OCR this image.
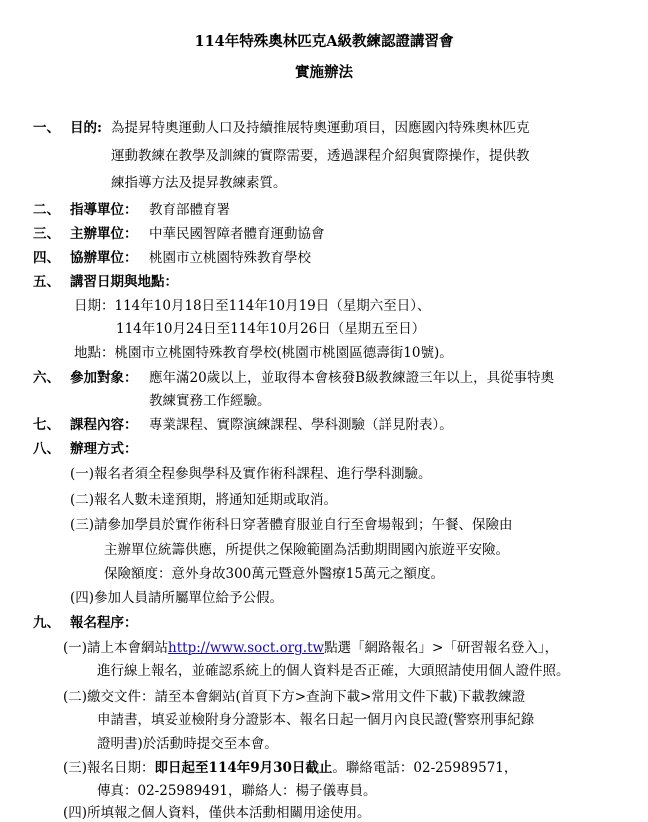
114年特殊奧林匹克A級教練認證講習會
實施辦法
一、 目的: 為提昇特奧運動人口及持續推展特奧運動項目，因應國內特殊奧林匹克
運動教練在教學及訓練的實際需要，透過課程介紹與實際操作，提供教
練指導方法及提昇教練素質。
二、 指導單位： 教育部體育署
三、 主辦單位： 中華民國智障者體育運動協會
四、 協辦單位： 桃園市立桃園特殊教育學校
五、 講習日期與地點：
日期：114年10月18日至114年10月19日（星期六至日）、
114年10月24日至114年10月26日（星期五至日）
地點：桃園市立桃園特殊教育學校(桃園市桃園區德壽街10號)。
六、 參加對象： 應年滿20歲以上，並取得本會核發B級教練證三年以上，具從事特奧
教練實務工作經驗。
七、 課程內容： 專業課程、實際演練課程、學科測驗（詳見附表）。
八、 辦理方式：
(一)報名者須全程參與學科及實作術科課程、進行學科測驗。
(二)報名人數未達預期，將通知延期或取消。
(三)請參加學員於實作術科日穿著體育服並自行至會場報到；午餐、保險由
主辦單位統籌供應，所提供之保險範圍為活動期間國內旅遊平安險。
保險額度：意外身故300萬元暨意外醫療15萬元之額度。
(四)參加人員請所屬單位給予公假。
九、 報名程序：
(一)請上本會網站http://www.soct.org.tw點選「網路報名」>「研習報名登入」，
進行線上報名，並確認系統上的個人資料是否正確，大頭照請使用個人證件照。
(二)繳交文件：請至本會網站(首頁下方>查詢下載>常用文件下載)下載教練證
申請書，填妥並檢附身分證影本、報名日起一個月內良民證(警察刑事紀錄
證明書)於活動時提交至本會。
(三)報名日期：即日起至114年9月30日截止。聯絡電話：02-25989571，
傳真：02-25989491，聯絡人：楊子儀專員。
(四)所填報之個人資料，僅供本活動相關用途使用。
